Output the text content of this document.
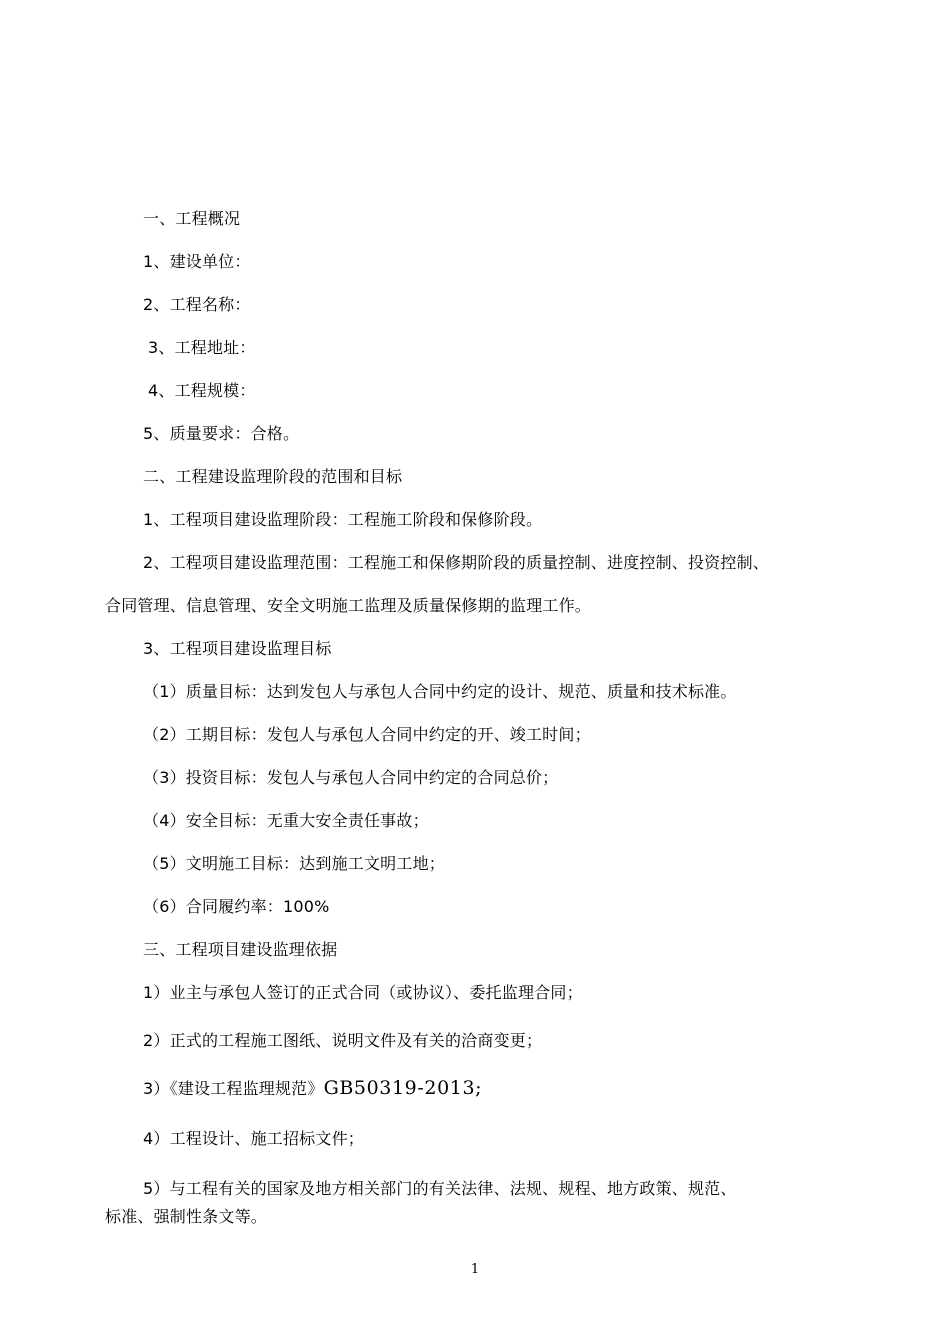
一、工程概况
1、建设单位：
2、工程名称：
3、工程地址：
4、工程规模：
5、质量要求：合格。
二、工程建设监理阶段的范围和目标
1、工程项目建设监理阶段：工程施工阶段和保修阶段。
2、工程项目建设监理范围：工程施工和保修期阶段的质量控制、进度控制、投资控制、
合同管理、信息管理、安全文明施工监理及质量保修期的监理工作。
3、工程项目建设监理目标
（1）质量目标：达到发包人与承包人合同中约定的设计、规范、质量和技术标准。
（2）工期目标：发包人与承包人合同中约定的开、竣工时间；
（3）投资目标：发包人与承包人合同中约定的合同总价；
（4）安全目标：无重大安全责任事故；
（5）文明施工目标：达到施工文明工地；
（6）合同履约率：100%
三、工程项目建设监理依据
1）业主与承包人签订的正式合同（或协议）、委托监理合同；
2）正式的工程施工图纸、说明文件及有关的洽商变更；
3）《建设工程监理规范》GB50319-2013;
4）工程设计、施工招标文件；
5）与工程有关的国家及地方相关部门的有关法律、法规、规程、地方政策、规范、
标准、强制性条文等。
1
